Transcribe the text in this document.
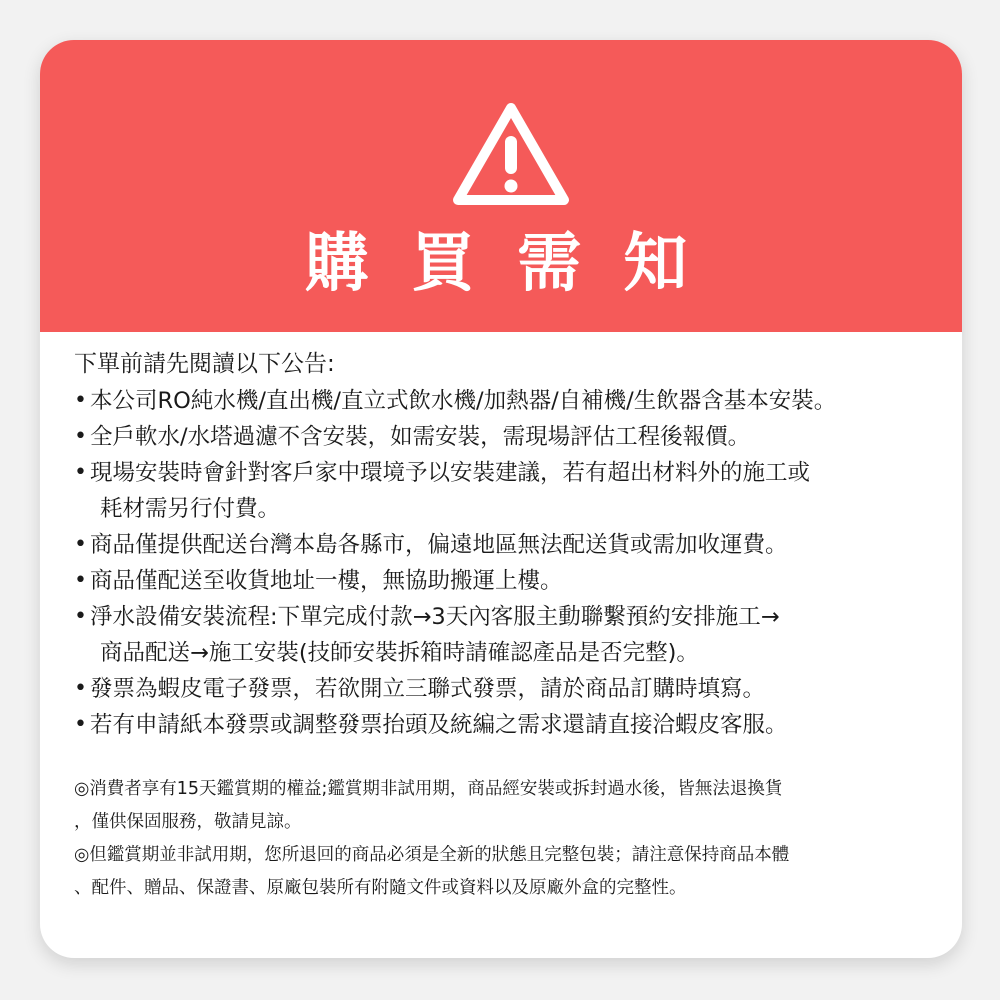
購 買 需 知
下單前請先閱讀以下公告:
• 本公司RO純水機/直出機/直立式飲水機/加熱器/自補機/生飲器含基本安裝。
• 全戶軟水/水塔過濾不含安裝，如需安裝，需現場評估工程後報價。
• 現場安裝時會針對客戶家中環境予以安裝建議，若有超出材料外的施工或
耗材需另行付費。
• 商品僅提供配送台灣本島各縣市，偏遠地區無法配送貨或需加收運費。
• 商品僅配送至收貨地址一樓，無協助搬運上樓。
• 淨水設備安裝流程:下單完成付款→3天內客服主動聯繫預約安排施工→
商品配送→施工安裝(技師安裝拆箱時請確認產品是否完整)。
• 發票為蝦皮電子發票，若欲開立三聯式發票，請於商品訂購時填寫。
• 若有申請紙本發票或調整發票抬頭及統編之需求還請直接洽蝦皮客服。
◎消費者享有15天鑑賞期的權益;鑑賞期非試用期，商品經安裝或拆封過水後，皆無法退換貨
，僅供保固服務，敬請見諒。
◎但鑑賞期並非試用期，您所退回的商品必須是全新的狀態且完整包裝；請注意保持商品本體
、配件、贈品、保證書、原廠包裝所有附隨文件或資料以及原廠外盒的完整性。
